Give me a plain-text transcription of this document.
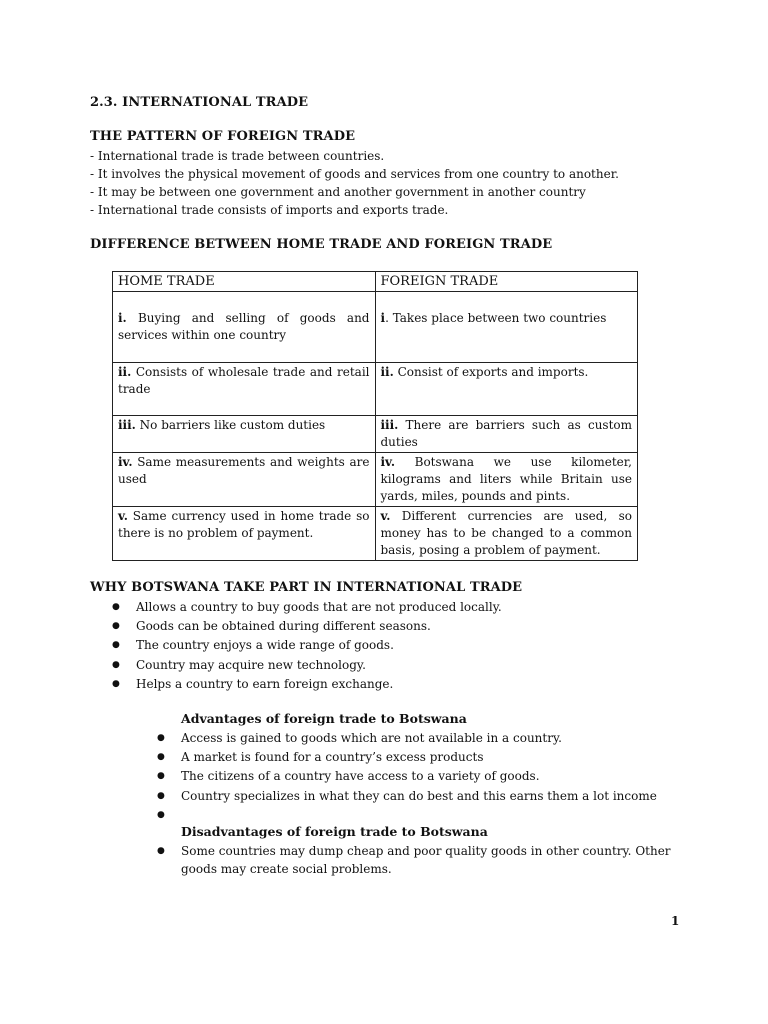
2.3. INTERNATIONAL TRADE
THE PATTERN OF FOREIGN TRADE
- International trade is trade between countries.
- It involves the physical movement of goods and services from one country to another.
- It may be between one government and another government in another country
- International trade consists of imports and exports trade.
DIFFERENCE BETWEEN HOME TRADE AND FOREIGN TRADE
HOME TRADE	FOREIGN TRADE
i. Buying and selling of goods and services within one country	i. Takes place between two countries
ii. Consists of wholesale trade and retail trade	ii. Consist of exports and imports.
iii. No barriers like custom duties	iii. There are barriers such as custom duties
iv. Same measurements and weights are used	iv. Botswana we use kilometer, kilograms and liters while Britain use yards, miles, pounds and pints.
v. Same currency used in home trade so there is no problem of payment.	v. Different currencies are used, so money has to be changed to a common basis, posing a problem of payment.
WHY BOTSWANA TAKE PART IN INTERNATIONAL TRADE
● Allows a country to buy goods that are not produced locally.
● Goods can be obtained during different seasons.
● The country enjoys a wide range of goods.
● Country may acquire new technology.
● Helps a country to earn foreign exchange.
Advantages of foreign trade to Botswana
● Access is gained to goods which are not available in a country.
● A market is found for a country’s excess products
● The citizens of a country have access to a variety of goods.
● Country specializes in what they can do best and this earns them a lot income
●
Disadvantages of foreign trade to Botswana
● Some countries may dump cheap and poor quality goods in other country. Other goods may create social problems.
1
